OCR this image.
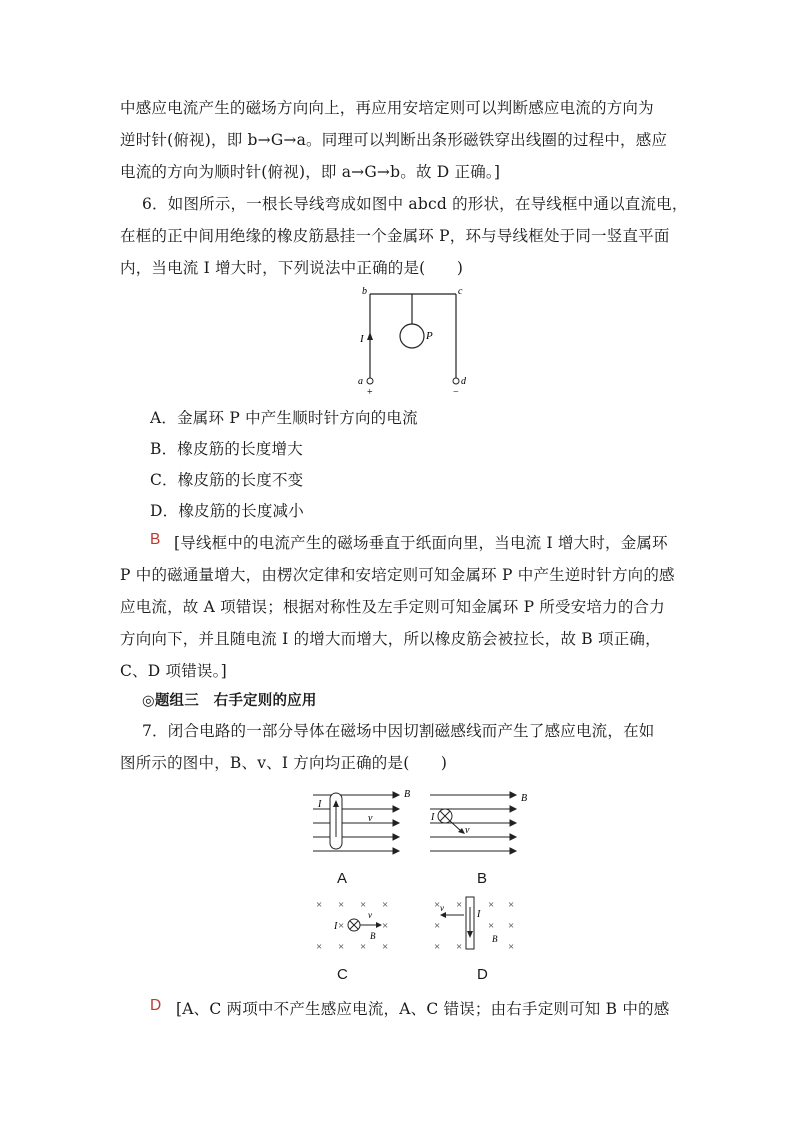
中感应电流产生的磁场方向向上，再应用安培定则可以判断感应电流的方向为
逆时针(俯视)，即 b→G→a。同理可以判断出条形磁铁穿出线圈的过程中，感应
电流的方向为顺时针(俯视)，即 a→G→b。故 D 正确。]
6．如图所示，一根长导线弯成如图中 abcd 的形状，在导线框中通以直流电，
在框的正中间用绝缘的橡皮筋悬挂一个金属环 P，环与导线框处于同一竖直平面
内，当电流 I 增大时，下列说法中正确的是(　　)
b	c
a	d
I	P
+	−
A．金属环 P 中产生顺时针方向的电流
B．橡皮筋的长度增大
C．橡皮筋的长度不变
D．橡皮筋的长度减小
B [导线框中的电流产生的磁场垂直于纸面向里，当电流 I 增大时，金属环
P 中的磁通量增大，由楞次定律和安培定则可知金属环 P 中产生逆时针方向的感
应电流，故 A 项错误；根据对称性及左手定则可知金属环 P 所受安培力的合力
方向向下，并且随电流 I 的增大而增大，所以橡皮筋会被拉长，故 B 项正确，
C、D 项错误。]
◎题组三　右手定则的应用
7．闭合电路的一部分导体在磁场中因切割磁感线而产生了感应电流，在如
图所示的图中，B、v、I 方向均正确的是(　　)
I
B
v
A
I
B
v
B
× × × ×
×	×
× × × ×
I
v
B
C
× × × ×
×	× ×
× ×	×
v
I
B
D
D [A、C 两项中不产生感应电流，A、C 错误；由右手定则可知 B 中的感
